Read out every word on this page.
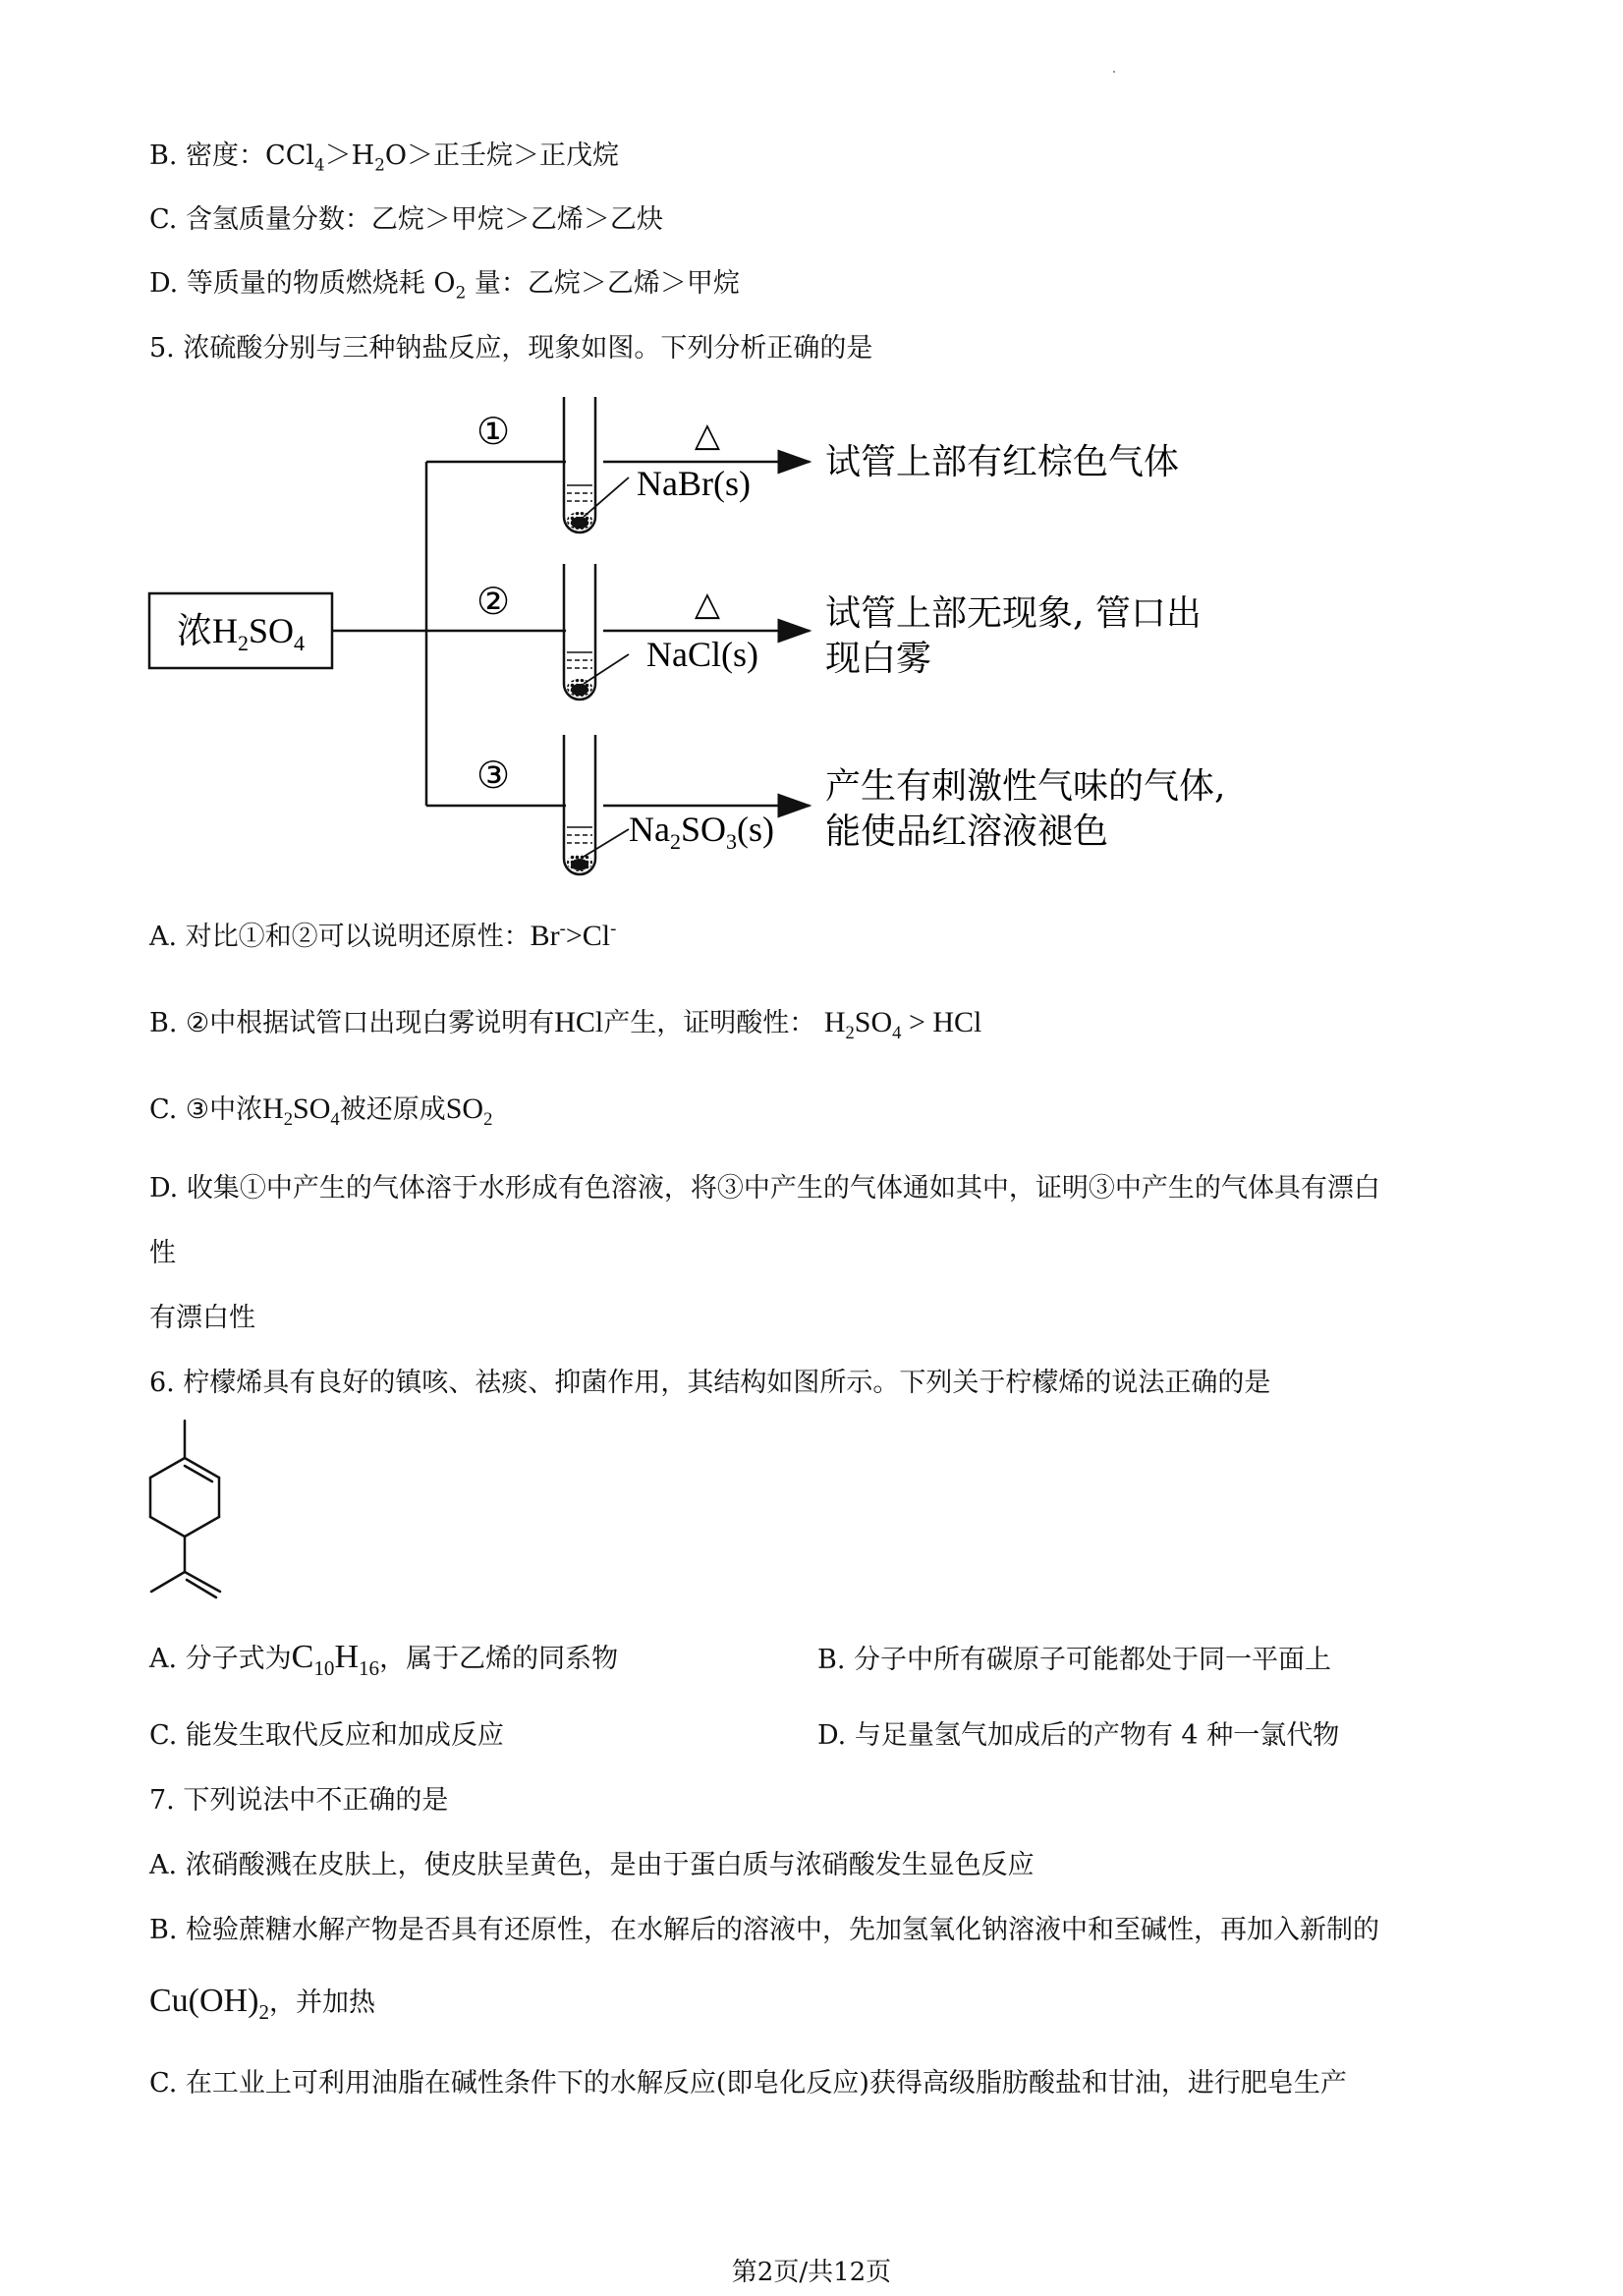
B. 密度：$CCl_4>H_2O>$正壬烷＞正戊烷
C. 含氢质量分数：乙烷＞甲烷＞乙烯＞乙炔
D. 等质量的物质燃烧耗 $O_2$ 量：乙烷＞乙烯＞甲烷
5. 浓硫酸分别与三种钠盐反应，现象如图。下列分析正确的是
浓$H_2SO_4$
①
②
③
△
△
NaBr(s)
NaCl(s)
$Na_2SO_3(s)$
试管上部有红棕色气体
试管上部无现象, 管口出
现白雾
产生有刺激性气味的气体,
能使品红溶液褪色
A. 对比①和②可以说明还原性：Br->Cl-
B. ②中根据试管口出现白雾说明有HCl产生，证明酸性： $H_2SO_4$ > HCl
C. ③中浓$H_2SO_4$被还原成$SO_2$
D. 收集①中产生的气体溶于水形成有色溶液，将③中产生的气体通如其中，证明③中产生的气体具有漂白
性
有漂白性
6. 柠檬烯具有良好的镇咳、祛痰、抑菌作用，其结构如图所示。下列关于柠檬烯的说法正确的是
A. 分子式为$C_{10}H_{16}$，属于乙烯的同系物	B. 分子中所有碳原子可能都处于同一平面上
C. 能发生取代反应和加成反应	D. 与足量氢气加成后的产物有 4 种一氯代物
7. 下列说法中不正确的是
A. 浓硝酸溅在皮肤上，使皮肤呈黄色，是由于蛋白质与浓硝酸发生显色反应
B. 检验蔗糖水解产物是否具有还原性，在水解后的溶液中，先加氢氧化钠溶液中和至碱性，再加入新制的
$Cu(OH)_2$，并加热
C. 在工业上可利用油脂在碱性条件下的水解反应(即皂化反应)获得高级脂肪酸盐和甘油，进行肥皂生产
第2页/共12页
